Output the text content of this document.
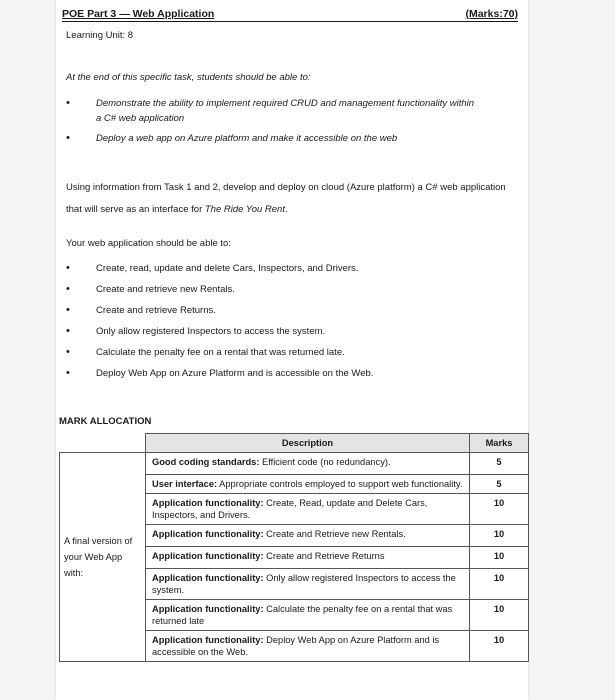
POE Part 3 — Web Application	(Marks:70)
Learning Unit: 8
At the end of this specific task, students should be able to:
• Demonstrate the ability to implement required CRUD and management functionality within
a C# web application
• Deploy a web app on Azure platform and make it accessible on the web
Using information from Task 1 and 2, develop and deploy on cloud (Azure platform) a C# web application that will serve as an interface for The Ride You Rent.
Your web application should be able to:
• Create, read, update and delete Cars, Inspectors, and Drivers.
• Create and retrieve new Rentals.
• Create and retrieve Returns.
• Only allow registered Inspectors to access the system.
• Calculate the penalty fee on a rental that was returned late.
• Deploy Web App on Azure Platform and is accessible on the Web.
MARK ALLOCATION
	Description	Marks
A final version of your Web App with:	Good coding standards: Efficient code (no redundancy).	5
	User interface: Appropriate controls employed to support web functionality.	5
	Application functionality: Create, Read, update and Delete Cars, Inspectors, and Drivers.	10
	Application functionality: Create and Retrieve new Rentals.	10
	Application functionality: Create and Retrieve Returns	10
	Application functionality: Only allow registered Inspectors to access the system.	10
	Application functionality: Calculate the penalty fee on a rental that was returned late	10
	Application functionality: Deploy Web App on Azure Platform and is accessible on the Web.	10
